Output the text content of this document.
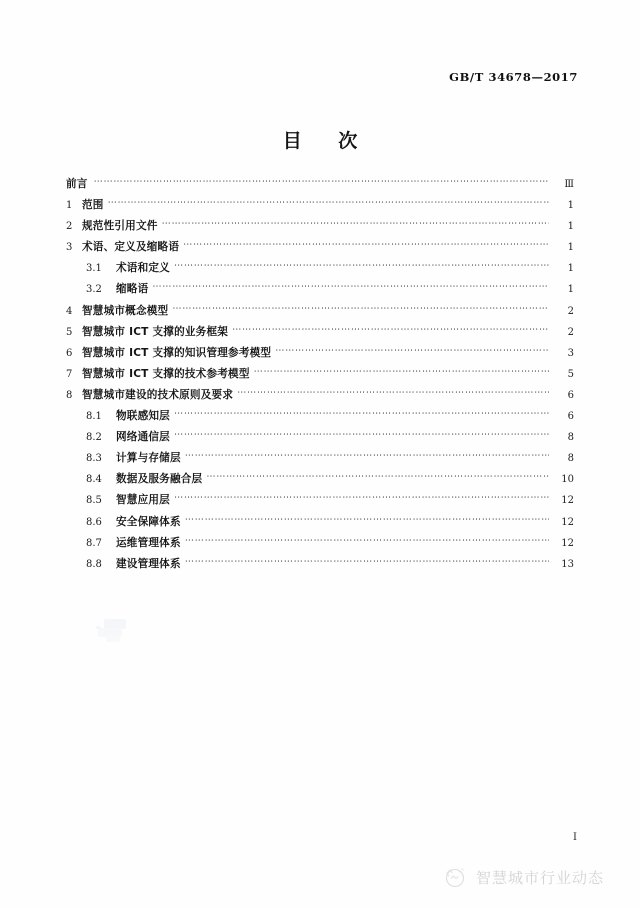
GB/T 34678—2017
目 次
前言 ⋯⋯⋯⋯⋯⋯⋯⋯⋯⋯⋯⋯⋯⋯⋯⋯⋯⋯⋯⋯⋯⋯⋯⋯⋯⋯⋯⋯⋯⋯⋯⋯⋯⋯⋯⋯⋯⋯⋯⋯⋯⋯⋯⋯⋯⋯⋯⋯⋯⋯⋯⋯⋯⋯⋯⋯	Ⅲ
1 范围 ⋯⋯⋯⋯⋯⋯⋯⋯⋯⋯⋯⋯⋯⋯⋯⋯⋯⋯⋯⋯⋯⋯⋯⋯⋯⋯⋯⋯⋯⋯⋯⋯⋯⋯⋯⋯⋯⋯⋯⋯⋯⋯⋯⋯⋯⋯⋯⋯⋯⋯⋯⋯⋯⋯⋯⋯	1
2 规范性引用文件 ⋯⋯⋯⋯⋯⋯⋯⋯⋯⋯⋯⋯⋯⋯⋯⋯⋯⋯⋯⋯⋯⋯⋯⋯⋯⋯⋯⋯⋯⋯⋯⋯⋯⋯⋯⋯⋯⋯⋯⋯⋯⋯⋯⋯⋯⋯⋯⋯⋯⋯⋯⋯⋯⋯⋯⋯	1
3 术语、定义及缩略语 ⋯⋯⋯⋯⋯⋯⋯⋯⋯⋯⋯⋯⋯⋯⋯⋯⋯⋯⋯⋯⋯⋯⋯⋯⋯⋯⋯⋯⋯⋯⋯⋯⋯⋯⋯⋯⋯⋯⋯⋯⋯⋯⋯⋯⋯⋯⋯⋯⋯⋯⋯⋯⋯⋯⋯⋯	1
3.1	术语和定义 ⋯⋯⋯⋯⋯⋯⋯⋯⋯⋯⋯⋯⋯⋯⋯⋯⋯⋯⋯⋯⋯⋯⋯⋯⋯⋯⋯⋯⋯⋯⋯⋯⋯⋯⋯⋯⋯⋯⋯⋯⋯⋯⋯⋯⋯⋯⋯⋯⋯⋯⋯⋯⋯⋯⋯⋯	1
3.2	缩略语 ⋯⋯⋯⋯⋯⋯⋯⋯⋯⋯⋯⋯⋯⋯⋯⋯⋯⋯⋯⋯⋯⋯⋯⋯⋯⋯⋯⋯⋯⋯⋯⋯⋯⋯⋯⋯⋯⋯⋯⋯⋯⋯⋯⋯⋯⋯⋯⋯⋯⋯⋯⋯⋯⋯⋯⋯	1
4 智慧城市概念模型 ⋯⋯⋯⋯⋯⋯⋯⋯⋯⋯⋯⋯⋯⋯⋯⋯⋯⋯⋯⋯⋯⋯⋯⋯⋯⋯⋯⋯⋯⋯⋯⋯⋯⋯⋯⋯⋯⋯⋯⋯⋯⋯⋯⋯⋯⋯⋯⋯⋯⋯⋯⋯⋯⋯⋯⋯	2
5 智慧城市 ICT 支撑的业务框架 ⋯⋯⋯⋯⋯⋯⋯⋯⋯⋯⋯⋯⋯⋯⋯⋯⋯⋯⋯⋯⋯⋯⋯⋯⋯⋯⋯⋯⋯⋯⋯⋯⋯⋯⋯⋯⋯⋯⋯⋯⋯⋯⋯⋯⋯⋯⋯⋯⋯⋯⋯⋯⋯⋯⋯⋯	2
6 智慧城市 ICT 支撑的知识管理参考模型 ⋯⋯⋯⋯⋯⋯⋯⋯⋯⋯⋯⋯⋯⋯⋯⋯⋯⋯⋯⋯⋯⋯⋯⋯⋯⋯⋯⋯⋯⋯⋯⋯⋯⋯⋯⋯⋯⋯⋯⋯⋯⋯⋯⋯⋯⋯⋯⋯⋯⋯⋯⋯⋯⋯⋯⋯	3
7 智慧城市 ICT 支撑的技术参考模型 ⋯⋯⋯⋯⋯⋯⋯⋯⋯⋯⋯⋯⋯⋯⋯⋯⋯⋯⋯⋯⋯⋯⋯⋯⋯⋯⋯⋯⋯⋯⋯⋯⋯⋯⋯⋯⋯⋯⋯⋯⋯⋯⋯⋯⋯⋯⋯⋯⋯⋯⋯⋯⋯⋯⋯⋯	5
8 智慧城市建设的技术原则及要求 ⋯⋯⋯⋯⋯⋯⋯⋯⋯⋯⋯⋯⋯⋯⋯⋯⋯⋯⋯⋯⋯⋯⋯⋯⋯⋯⋯⋯⋯⋯⋯⋯⋯⋯⋯⋯⋯⋯⋯⋯⋯⋯⋯⋯⋯⋯⋯⋯⋯⋯⋯⋯⋯⋯⋯⋯	6
8.1	物联感知层 ⋯⋯⋯⋯⋯⋯⋯⋯⋯⋯⋯⋯⋯⋯⋯⋯⋯⋯⋯⋯⋯⋯⋯⋯⋯⋯⋯⋯⋯⋯⋯⋯⋯⋯⋯⋯⋯⋯⋯⋯⋯⋯⋯⋯⋯⋯⋯⋯⋯⋯⋯⋯⋯⋯⋯⋯	6
8.2	网络通信层 ⋯⋯⋯⋯⋯⋯⋯⋯⋯⋯⋯⋯⋯⋯⋯⋯⋯⋯⋯⋯⋯⋯⋯⋯⋯⋯⋯⋯⋯⋯⋯⋯⋯⋯⋯⋯⋯⋯⋯⋯⋯⋯⋯⋯⋯⋯⋯⋯⋯⋯⋯⋯⋯⋯⋯⋯	8
8.3	计算与存储层 ⋯⋯⋯⋯⋯⋯⋯⋯⋯⋯⋯⋯⋯⋯⋯⋯⋯⋯⋯⋯⋯⋯⋯⋯⋯⋯⋯⋯⋯⋯⋯⋯⋯⋯⋯⋯⋯⋯⋯⋯⋯⋯⋯⋯⋯⋯⋯⋯⋯⋯⋯⋯⋯⋯⋯⋯	8
8.4	数据及服务融合层 ⋯⋯⋯⋯⋯⋯⋯⋯⋯⋯⋯⋯⋯⋯⋯⋯⋯⋯⋯⋯⋯⋯⋯⋯⋯⋯⋯⋯⋯⋯⋯⋯⋯⋯⋯⋯⋯⋯⋯⋯⋯⋯⋯⋯⋯⋯⋯⋯⋯⋯⋯⋯⋯⋯⋯⋯	10
8.5	智慧应用层 ⋯⋯⋯⋯⋯⋯⋯⋯⋯⋯⋯⋯⋯⋯⋯⋯⋯⋯⋯⋯⋯⋯⋯⋯⋯⋯⋯⋯⋯⋯⋯⋯⋯⋯⋯⋯⋯⋯⋯⋯⋯⋯⋯⋯⋯⋯⋯⋯⋯⋯⋯⋯⋯⋯⋯⋯	12
8.6	安全保障体系 ⋯⋯⋯⋯⋯⋯⋯⋯⋯⋯⋯⋯⋯⋯⋯⋯⋯⋯⋯⋯⋯⋯⋯⋯⋯⋯⋯⋯⋯⋯⋯⋯⋯⋯⋯⋯⋯⋯⋯⋯⋯⋯⋯⋯⋯⋯⋯⋯⋯⋯⋯⋯⋯⋯⋯⋯	12
8.7	运维管理体系 ⋯⋯⋯⋯⋯⋯⋯⋯⋯⋯⋯⋯⋯⋯⋯⋯⋯⋯⋯⋯⋯⋯⋯⋯⋯⋯⋯⋯⋯⋯⋯⋯⋯⋯⋯⋯⋯⋯⋯⋯⋯⋯⋯⋯⋯⋯⋯⋯⋯⋯⋯⋯⋯⋯⋯⋯	12
8.8	建设管理体系 ⋯⋯⋯⋯⋯⋯⋯⋯⋯⋯⋯⋯⋯⋯⋯⋯⋯⋯⋯⋯⋯⋯⋯⋯⋯⋯⋯⋯⋯⋯⋯⋯⋯⋯⋯⋯⋯⋯⋯⋯⋯⋯⋯⋯⋯⋯⋯⋯⋯⋯⋯⋯⋯⋯⋯⋯	13
Ⅰ
智慧城市行业动态
